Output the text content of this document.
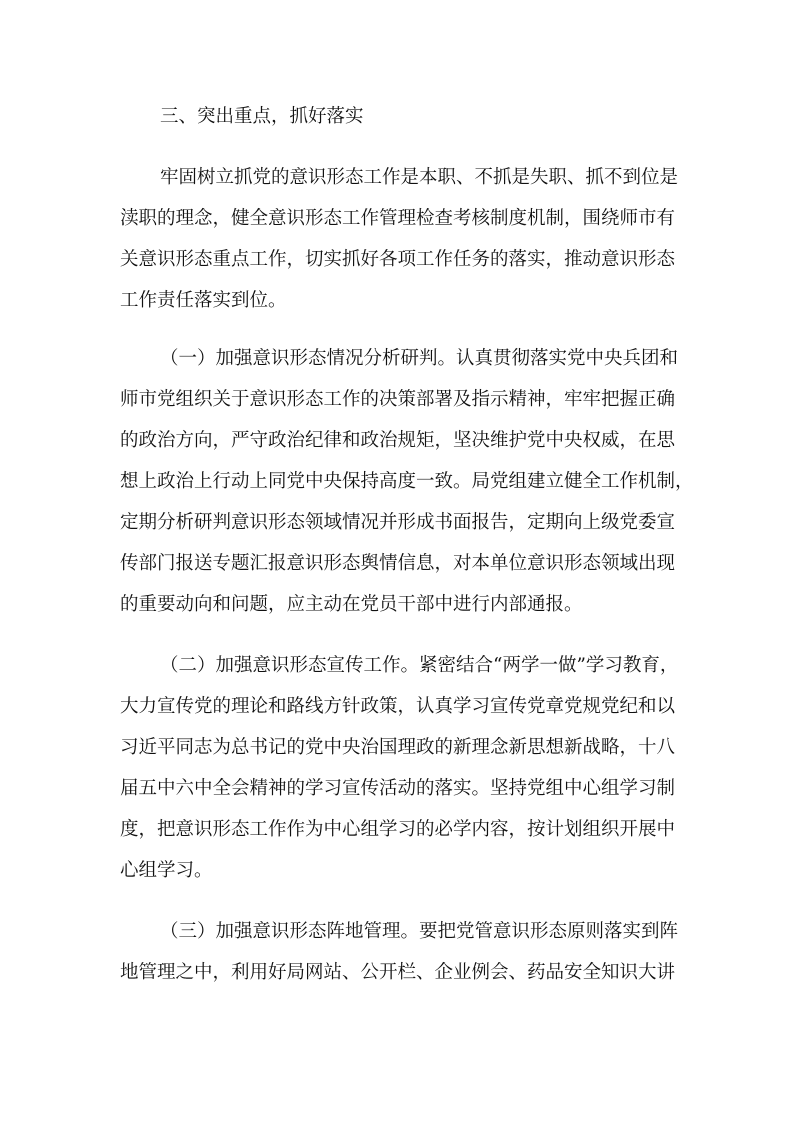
三、突出重点，抓好落实
牢固树立抓党的意识形态工作是本职、不抓是失职、抓不到位是
渎职的理念，健全意识形态工作管理检查考核制度机制，围绕师市有
关意识形态重点工作，切实抓好各项工作任务的落实，推动意识形态
工作责任落实到位。
（一）加强意识形态情况分析研判。认真贯彻落实党中央兵团和
师市党组织关于意识形态工作的决策部署及指示精神，牢牢把握正确
的政治方向，严守政治纪律和政治规矩，坚决维护党中央权威，在思
想上政治上行动上同党中央保持高度一致。局党组建立健全工作机制，
定期分析研判意识形态领域情况并形成书面报告，定期向上级党委宣
传部门报送专题汇报意识形态舆情信息，对本单位意识形态领域出现
的重要动向和问题，应主动在党员干部中进行内部通报。
（二）加强意识形态宣传工作。紧密结合“两学一做”学习教育，
大力宣传党的理论和路线方针政策，认真学习宣传党章党规党纪和以
习近平同志为总书记的党中央治国理政的新理念新思想新战略，十八
届五中六中全会精神的学习宣传活动的落实。坚持党组中心组学习制
度，把意识形态工作作为中心组学习的必学内容，按计划组织开展中
心组学习。
（三）加强意识形态阵地管理。要把党管意识形态原则落实到阵
地管理之中，利用好局网站、公开栏、企业例会、药品安全知识大讲
